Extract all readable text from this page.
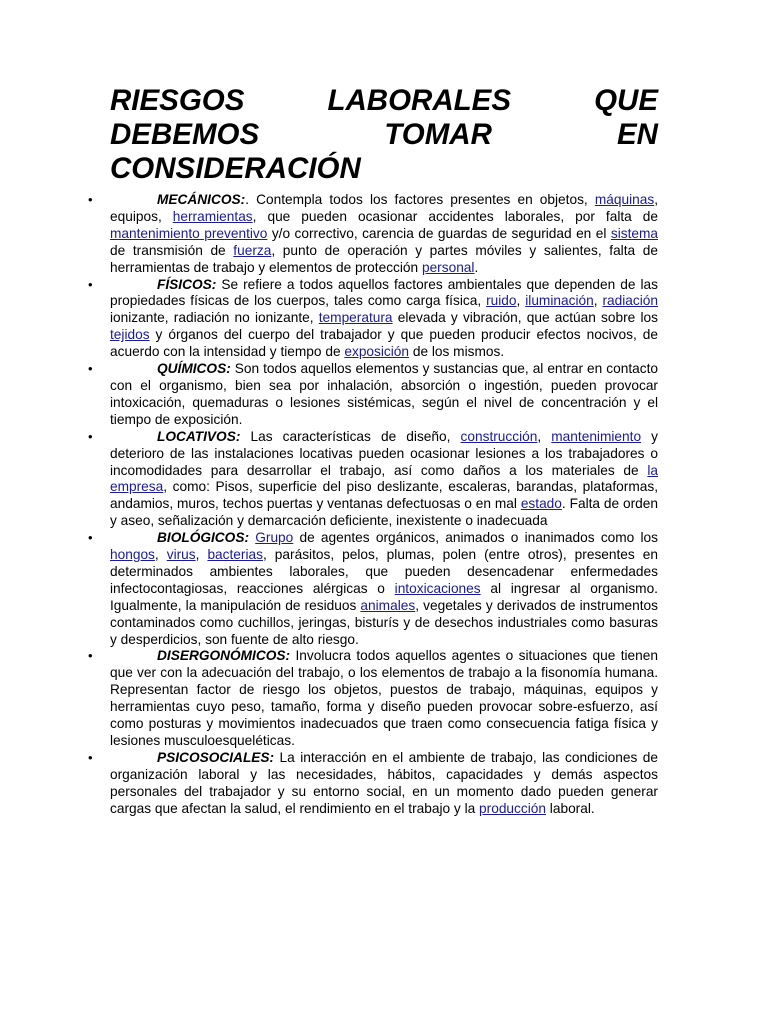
RIESGOS LABORALES QUE DEBEMOS TOMAR EN CONSIDERACIÓN
• MECÁNICOS:. Contempla todos los factores presentes en objetos, máquinas, equipos, herramientas, que pueden ocasionar accidentes laborales, por falta de mantenimiento preventivo y/o correctivo, carencia de guardas de seguridad en el sistema de transmisión de fuerza, punto de operación y partes móviles y salientes, falta de herramientas de trabajo y elementos de protección personal.
• FÍSICOS: Se refiere a todos aquellos factores ambientales que dependen de las propiedades físicas de los cuerpos, tales como carga física, ruido, iluminación, radiación ionizante, radiación no ionizante, temperatura elevada y vibración, que actúan sobre los tejidos y órganos del cuerpo del trabajador y que pueden producir efectos nocivos, de acuerdo con la intensidad y tiempo de exposición de los mismos.
• QUÍMICOS: Son todos aquellos elementos y sustancias que, al entrar en contacto con el organismo, bien sea por inhalación, absorción o ingestión, pueden provocar intoxicación, quemaduras o lesiones sistémicas, según el nivel de concentración y el tiempo de exposición.
• LOCATIVOS: Las características de diseño, construcción, mantenimiento y deterioro de las instalaciones locativas pueden ocasionar lesiones a los trabajadores o incomodidades para desarrollar el trabajo, así como daños a los materiales de la empresa, como: Pisos, superficie del piso deslizante, escaleras, barandas, plataformas, andamios, muros, techos puertas y ventanas defectuosas o en mal estado. Falta de orden y aseo, señalización y demarcación deficiente, inexistente o inadecuada
• BIOLÓGICOS: Grupo de agentes orgánicos, animados o inanimados como los hongos, virus, bacterias, parásitos, pelos, plumas, polen (entre otros), presentes en determinados ambientes laborales, que pueden desencadenar enfermedades infectocontagiosas, reacciones alérgicas o intoxicaciones al ingresar al organismo. Igualmente, la manipulación de residuos animales, vegetales y derivados de instrumentos contaminados como cuchillos, jeringas, bisturís y de desechos industriales como basuras y desperdicios, son fuente de alto riesgo.
• DISERGONÓMICOS: Involucra todos aquellos agentes o situaciones que tienen que ver con la adecuación del trabajo, o los elementos de trabajo a la fisonomía humana. Representan factor de riesgo los objetos, puestos de trabajo, máquinas, equipos y herramientas cuyo peso, tamaño, forma y diseño pueden provocar sobre-esfuerzo, así como posturas y movimientos inadecuados que traen como consecuencia fatiga física y lesiones musculoesqueléticas.
• PSICOSOCIALES: La interacción en el ambiente de trabajo, las condiciones de organización laboral y las necesidades, hábitos, capacidades y demás aspectos personales del trabajador y su entorno social, en un momento dado pueden generar cargas que afectan la salud, el rendimiento en el trabajo y la producción laboral.
